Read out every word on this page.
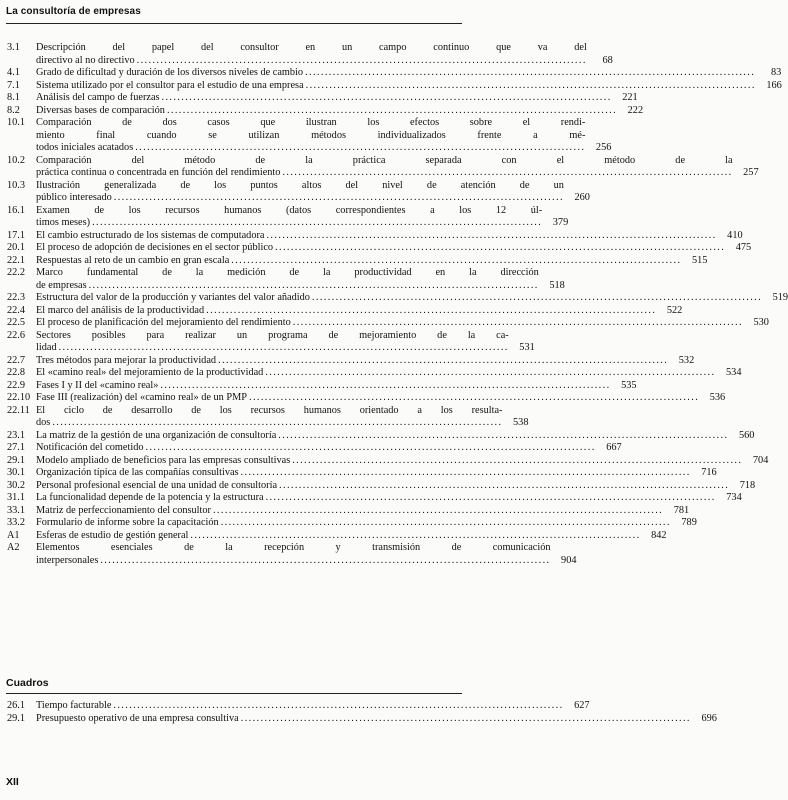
La consultoría de empresas
3.1	Descripción del papel del consultor en un campo continuo que va del
directivo al no directivo . . .	68
4.1	Grado de dificultad y duración de los diversos niveles de cambio . . .	83
7.1	Sistema utilizado por el consultor para el estudio de una empresa . . .	166
8.1	Análisis del campo de fuerzas . . .	221
8.2	Diversas bases de comparación . . .	222
10.1	Comparación de dos casos que ilustran los efectos sobre el rendi-
miento final cuando se utilizan métodos individualizados frente a mé-
todos iniciales acatados . . .	256
10.2	Comparación del método de la práctica separada con el método de la
práctica continua o concentrada en función del rendimiento . . .	257
10.3	Ilustración generalizada de los puntos altos del nivel de atención de un
público interesado . . .	260
16.1	Examen de los recursos humanos (datos correspondientes a los 12 úl-
timos meses) . . .	379
17.1	El cambio estructurado de los sistemas de computadora . . .	410
20.1	El proceso de adopción de decisiones en el sector público . . .	475
22.1	Respuestas al reto de un cambio en gran escala . . .	515
22.2	Marco fundamental de la medición de la productividad en la dirección
de empresas . . .	518
22.3	Estructura del valor de la producción y variantes del valor añadido . . .	519
22.4	El marco del análisis de la productividad . . .	522
22.5	El proceso de planificación del mejoramiento del rendimiento . . .	530
22.6	Sectores posibles para realizar un programa de mejoramiento de la ca-
lidad . . .	531
22.7	Tres métodos para mejorar la productividad . . .	532
22.8	El «camino real» del mejoramiento de la productividad . . .	534
22.9	Fases I y II del «camino real» . . .	535
22.10 Fase III (realización) del «camino real» de un PMP . . .	536
22.11 El ciclo de desarrollo de los recursos humanos orientado a los resulta-
dos . . .	538
23.1	La matriz de la gestión de una organización de consultoría . . .	560
27.1	Notificación del cometido . . .	667
29.1	Modelo ampliado de beneficios para las empresas consultivas . . .	704
30.1	Organización típica de las compañías consultivas . . .	716
30.2	Personal profesional esencial de una unidad de consultoría . . .	718
31.1	La funcionalidad depende de la potencia y la estructura . . .	734
33.1	Matriz de perfeccionamiento del consultor . . .	781
33.2	Formulario de informe sobre la capacitación . . .	789
A1	Esferas de estudio de gestión general . . .	842
A2	Elementos esenciales de la recepción y transmisión de comunicación
interpersonales . . .	904
Cuadros
26.1	Tiempo facturable . . .	627
29.1	Presupuesto operativo de una empresa consultiva . . .	696
XII
